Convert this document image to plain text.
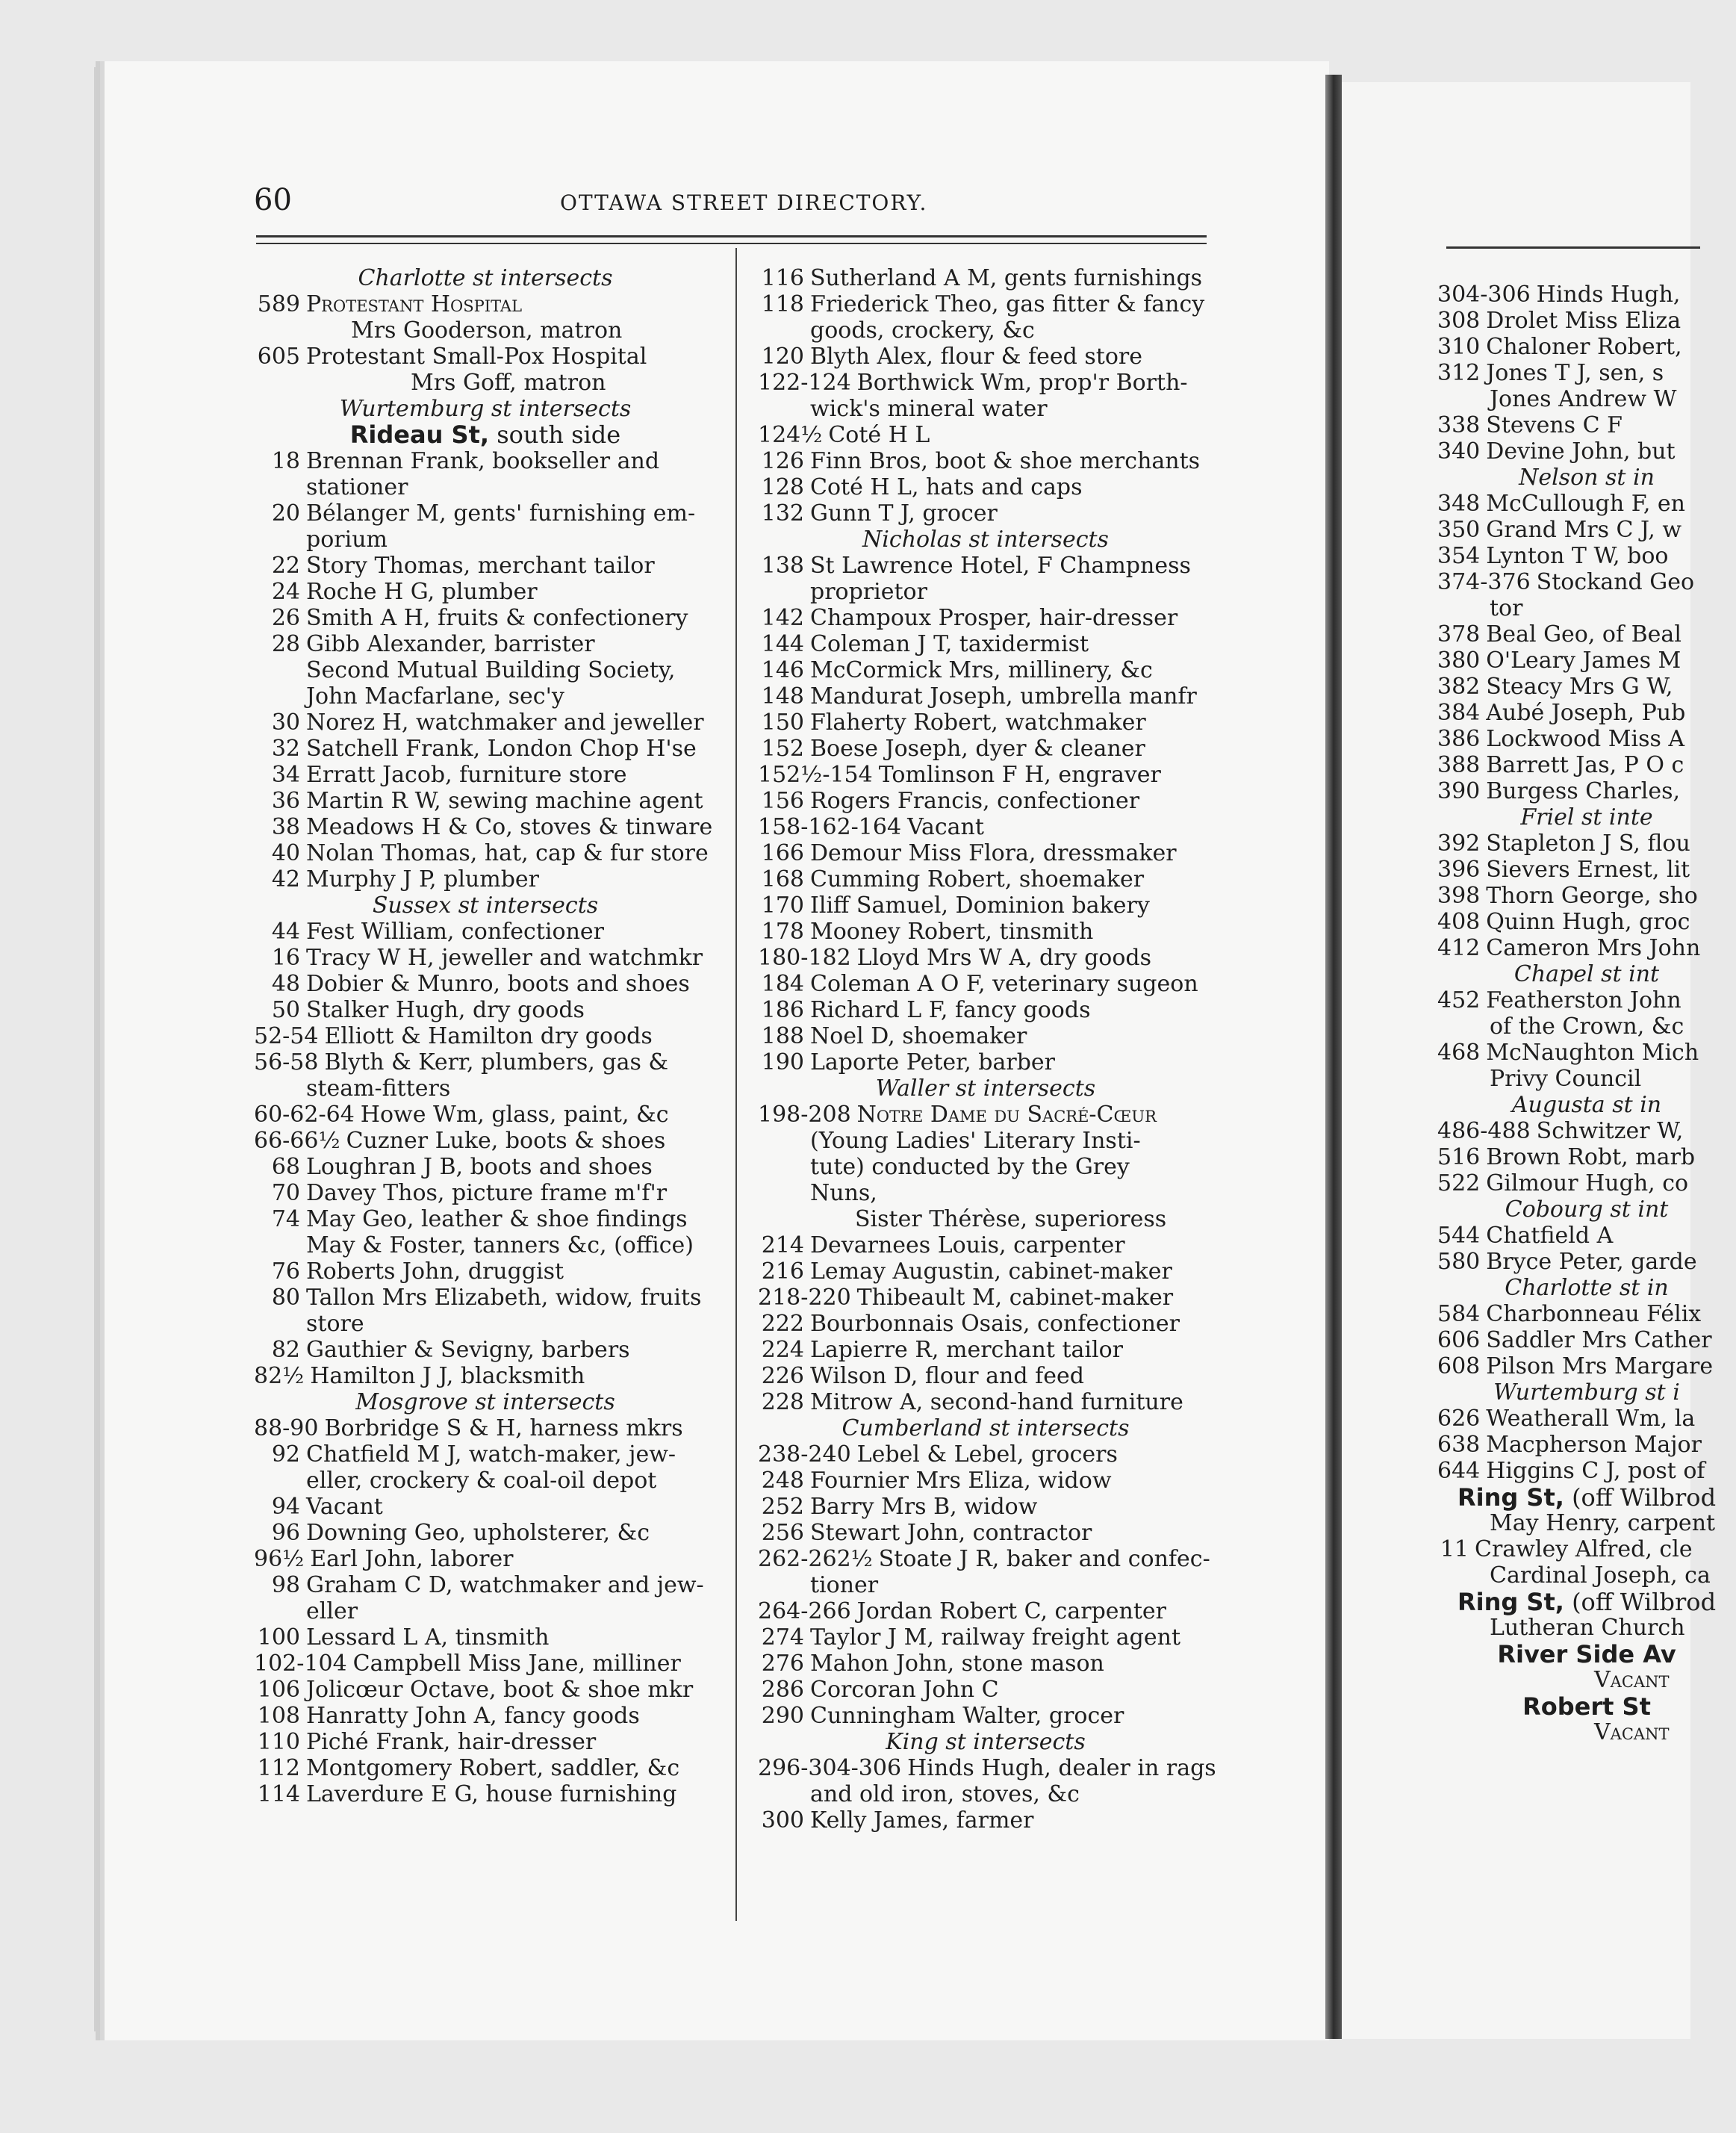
60	OTTAWA STREET DIRECTORY.
Charlotte st intersects
589 Protestant Hospital
Mrs Gooderson, matron
605 Protestant Small-Pox Hospital
Mrs Goff, matron
Wurtemburg st intersects
Rideau St, south side
18 Brennan Frank, bookseller and
stationer
20 Bélanger M, gents' furnishing em-
porium
22 Story Thomas, merchant tailor
24 Roche H G, plumber
26 Smith A H, fruits & confectionery
28 Gibb Alexander, barrister
Second Mutual Building Society,
John Macfarlane, sec'y
30 Norez H, watchmaker and jeweller
32 Satchell Frank, London Chop H'se
34 Erratt Jacob, furniture store
36 Martin R W, sewing machine agent
38 Meadows H & Co, stoves & tinware
40 Nolan Thomas, hat, cap & fur store
42 Murphy J P, plumber
Sussex st intersects
44 Fest William, confectioner
16 Tracy W H, jeweller and watchmkr
48 Dobier & Munro, boots and shoes
50 Stalker Hugh, dry goods
52-54 Elliott & Hamilton dry goods
56-58 Blyth & Kerr, plumbers, gas &
steam-fitters
60-62-64 Howe Wm, glass, paint, &c
66-66½ Cuzner Luke, boots & shoes
68 Loughran J B, boots and shoes
70 Davey Thos, picture frame m'f'r
74 May Geo, leather & shoe findings
May & Foster, tanners &c, (office)
76 Roberts John, druggist
80 Tallon Mrs Elizabeth, widow, fruits
store
82 Gauthier & Sevigny, barbers
82½ Hamilton J J, blacksmith
Mosgrove st intersects
88-90 Borbridge S & H, harness mkrs
92 Chatfield M J, watch-maker, jew-
eller, crockery & coal-oil depot
94 Vacant
96 Downing Geo, upholsterer, &c
96½ Earl John, laborer
98 Graham C D, watchmaker and jew-
eller
100 Lessard L A, tinsmith
102-104 Campbell Miss Jane, milliner
106 Jolicœur Octave, boot & shoe mkr
108 Hanratty John A, fancy goods
110 Piché Frank, hair-dresser
112 Montgomery Robert, saddler, &c
114 Laverdure E G, house furnishing
116 Sutherland A M, gents furnishings
118 Friederick Theo, gas fitter & fancy
goods, crockery, &c
120 Blyth Alex, flour & feed store
122-124 Borthwick Wm, prop'r Borth-
wick's mineral water
124½ Coté H L
126 Finn Bros, boot & shoe merchants
128 Coté H L, hats and caps
132 Gunn T J, grocer
Nicholas st intersects
138 St Lawrence Hotel, F Champness
proprietor
142 Champoux Prosper, hair-dresser
144 Coleman J T, taxidermist
146 McCormick Mrs, millinery, &c
148 Mandurat Joseph, umbrella manfr
150 Flaherty Robert, watchmaker
152 Boese Joseph, dyer & cleaner
152½-154 Tomlinson F H, engraver
156 Rogers Francis, confectioner
158-162-164 Vacant
166 Demour Miss Flora, dressmaker
168 Cumming Robert, shoemaker
170 Iliff Samuel, Dominion bakery
178 Mooney Robert, tinsmith
180-182 Lloyd Mrs W A, dry goods
184 Coleman A O F, veterinary sugeon
186 Richard L F, fancy goods
188 Noel D, shoemaker
190 Laporte Peter, barber
Waller st intersects
198-208 Notre Dame du Sacré-Cœur
(Young Ladies' Literary Insti-
tute) conducted by the Grey
Nuns,
Sister Thérèse, superioress
214 Devarnees Louis, carpenter
216 Lemay Augustin, cabinet-maker
218-220 Thibeault M, cabinet-maker
222 Bourbonnais Osais, confectioner
224 Lapierre R, merchant tailor
226 Wilson D, flour and feed
228 Mitrow A, second-hand furniture
Cumberland st intersects
238-240 Lebel & Lebel, grocers
248 Fournier Mrs Eliza, widow
252 Barry Mrs B, widow
256 Stewart John, contractor
262-262½ Stoate J R, baker and confec-
tioner
264-266 Jordan Robert C, carpenter
274 Taylor J M, railway freight agent
276 Mahon John, stone mason
286 Corcoran John C
290 Cunningham Walter, grocer
King st intersects
296-304-306 Hinds Hugh, dealer in rags
and old iron, stoves, &c
300 Kelly James, farmer
304-306 Hinds Hugh,
308 Drolet Miss Eliza
310 Chaloner Robert,
312 Jones T J, sen, s
Jones Andrew W
338 Stevens C F
340 Devine John, but
Nelson st in
348 McCullough F, en
350 Grand Mrs C J, w
354 Lynton T W, boo
374-376 Stockand Geo
tor
378 Beal Geo, of Beal
380 O'Leary James M
382 Steacy Mrs G W,
384 Aubé Joseph, Pub
386 Lockwood Miss A
388 Barrett Jas, P O c
390 Burgess Charles,
Friel st inte
392 Stapleton J S, flou
396 Sievers Ernest, lit
398 Thorn George, sho
408 Quinn Hugh, groc
412 Cameron Mrs John
Chapel st int
452 Featherston John
of the Crown, &c
468 McNaughton Mich
Privy Council
Augusta st in
486-488 Schwitzer W,
516 Brown Robt, marb
522 Gilmour Hugh, co
Cobourg st int
544 Chatfield A
580 Bryce Peter, garde
Charlotte st in
584 Charbonneau Félix
606 Saddler Mrs Cather
608 Pilson Mrs Margare
Wurtemburg st i
626 Weatherall Wm, la
638 Macpherson Major
644 Higgins C J, post of
Ring St, (off Wilbrod
May Henry, carpent
11 Crawley Alfred, cle
Cardinal Joseph, ca
Ring St, (off Wilbrod
Lutheran Church
River Side Av
Vacant
Robert St
Vacant
